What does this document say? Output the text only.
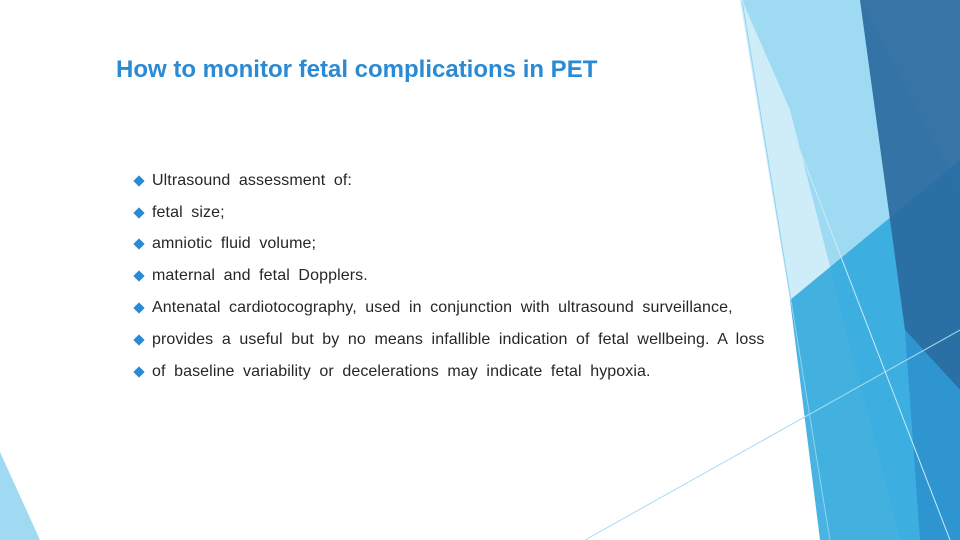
How to monitor fetal complications in PET
Ultrasound assessment of:
fetal size;
amniotic fluid volume;
maternal and fetal Dopplers.
Antenatal cardiotocography, used in conjunction with ultrasound surveillance,
provides a useful but by no means infallible indication of fetal wellbeing. A loss
of baseline variability or decelerations may indicate fetal hypoxia.
